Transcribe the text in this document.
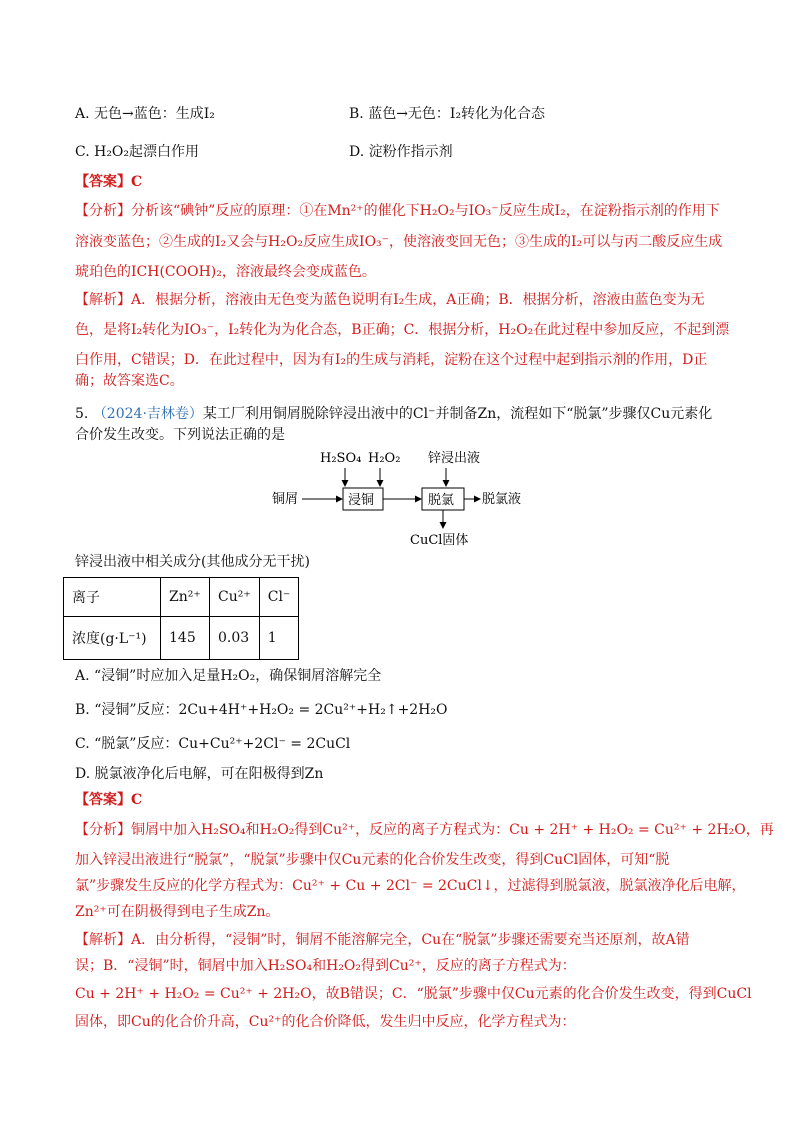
A. 无色→蓝色：生成I₂	B. 蓝色→无色：I₂转化为化合态
C. H₂O₂起漂白作用	D. 淀粉作指示剂
【答案】C
【分析】分析该“碘钟”反应的原理：①在Mn²⁺的催化下H₂O₂与IO₃⁻反应生成I₂，在淀粉指示剂的作用下
溶液变蓝色；②生成的I₂又会与H₂O₂反应生成IO₃⁻，使溶液变回无色；③生成的I₂可以与丙二酸反应生成
琥珀色的ICH(COOH)₂，溶液最终会变成蓝色。
【解析】A．根据分析，溶液由无色变为蓝色说明有I₂生成，A正确；B．根据分析，溶液由蓝色变为无
色，是将I₂转化为IO₃⁻，I₂转化为为化合态，B正确；C．根据分析，H₂O₂在此过程中参加反应，不起到漂
白作用，C错误；D．在此过程中，因为有I₂的生成与消耗，淀粉在这个过程中起到指示剂的作用，D正
确；故答案选C。
5. （2024·吉林卷）某工厂利用铜屑脱除锌浸出液中的Cl⁻并制备Zn，流程如下“脱氯”步骤仅Cu元素化
合价发生改变。下列说法正确的是
H₂SO₄ H₂O₂ 锌浸出液
铜屑	浸铜	脱氯 脱氯液
CuCl固体
锌浸出液中相关成分(其他成分无干扰)
离子	Zn²⁺	Cu²⁺	Cl⁻
浓度(g·L⁻¹)	145	0.03	1
A. “浸铜”时应加入足量H₂O₂，确保铜屑溶解完全
B. “浸铜”反应：2Cu+4H⁺+H₂O₂ = 2Cu²⁺+H₂↑+2H₂O
C. “脱氯”反应：Cu+Cu²⁺+2Cl⁻ = 2CuCl
D. 脱氯液净化后电解，可在阳极得到Zn
【答案】C
【分析】铜屑中加入H₂SO₄和H₂O₂得到Cu²⁺，反应的离子方程式为：Cu + 2H⁺ + H₂O₂ = Cu²⁺ + 2H₂O，再
加入锌浸出液进行“脱氯”，“脱氯”步骤中仅Cu元素的化合价发生改变，得到CuCl固体，可知“脱
氯”步骤发生反应的化学方程式为：Cu²⁺ + Cu + 2Cl⁻ = 2CuCl↓，过滤得到脱氯液，脱氯液净化后电解，
Zn²⁺可在阴极得到电子生成Zn。
【解析】A．由分析得，“浸铜”时，铜屑不能溶解完全，Cu在“脱氯”步骤还需要充当还原剂，故A错
误；B．“浸铜”时，铜屑中加入H₂SO₄和H₂O₂得到Cu²⁺，反应的离子方程式为：
Cu + 2H⁺ + H₂O₂ = Cu²⁺ + 2H₂O，故B错误；C．“脱氯”步骤中仅Cu元素的化合价发生改变，得到CuCl
固体，即Cu的化合价升高，Cu²⁺的化合价降低，发生归中反应，化学方程式为：
